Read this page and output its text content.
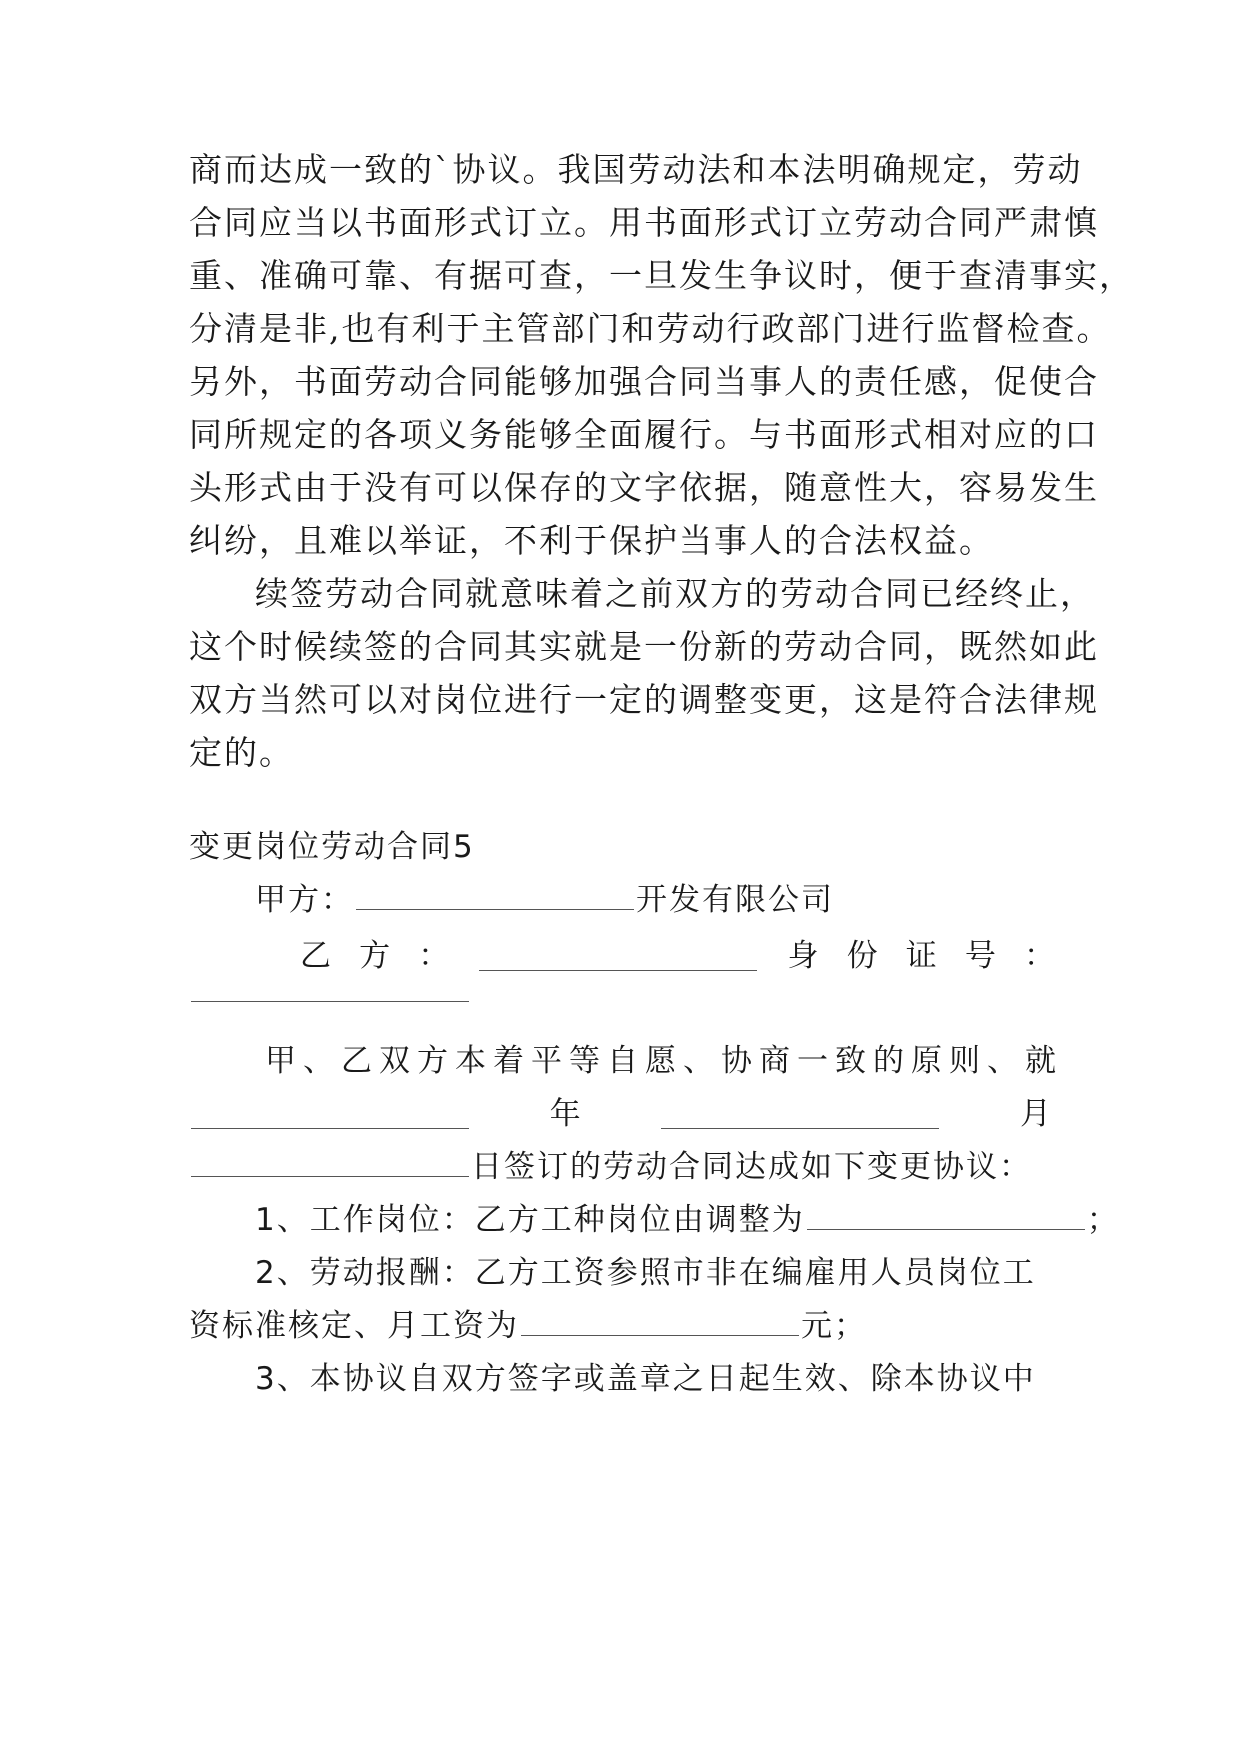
商而达成一致的`协议。我国劳动法和本法明确规定，劳动
合同应当以书面形式订立。用书面形式订立劳动合同严肃慎
重、准确可靠、有据可查，一旦发生争议时，便于查清事实，
分清是非,也有利于主管部门和劳动行政部门进行监督检查。
另外，书面劳动合同能够加强合同当事人的责任感，促使合
同所规定的各项义务能够全面履行。与书面形式相对应的口
头形式由于没有可以保存的文字依据，随意性大，容易发生
纠纷，且难以举证，不利于保护当事人的合法权益。
续签劳动合同就意味着之前双方的劳动合同已经终止，
这个时候续签的合同其实就是一份新的劳动合同，既然如此
双方当然可以对岗位进行一定的调整变更，这是符合法律规
定的。
变更岗位劳动合同5
甲方：	开发有限公司
乙 方 ：	身 份 证 号 ：
甲、乙双方本着平等自愿、协商一致的原则、就
年	月
日签订的劳动合同达成如下变更协议：
1、工作岗位：乙方工种岗位由调整为	；
2、劳动报酬：乙方工资参照市非在编雇用人员岗位工
资标准核定、月工资为	元；
3、本协议自双方签字或盖章之日起生效、除本协议中
